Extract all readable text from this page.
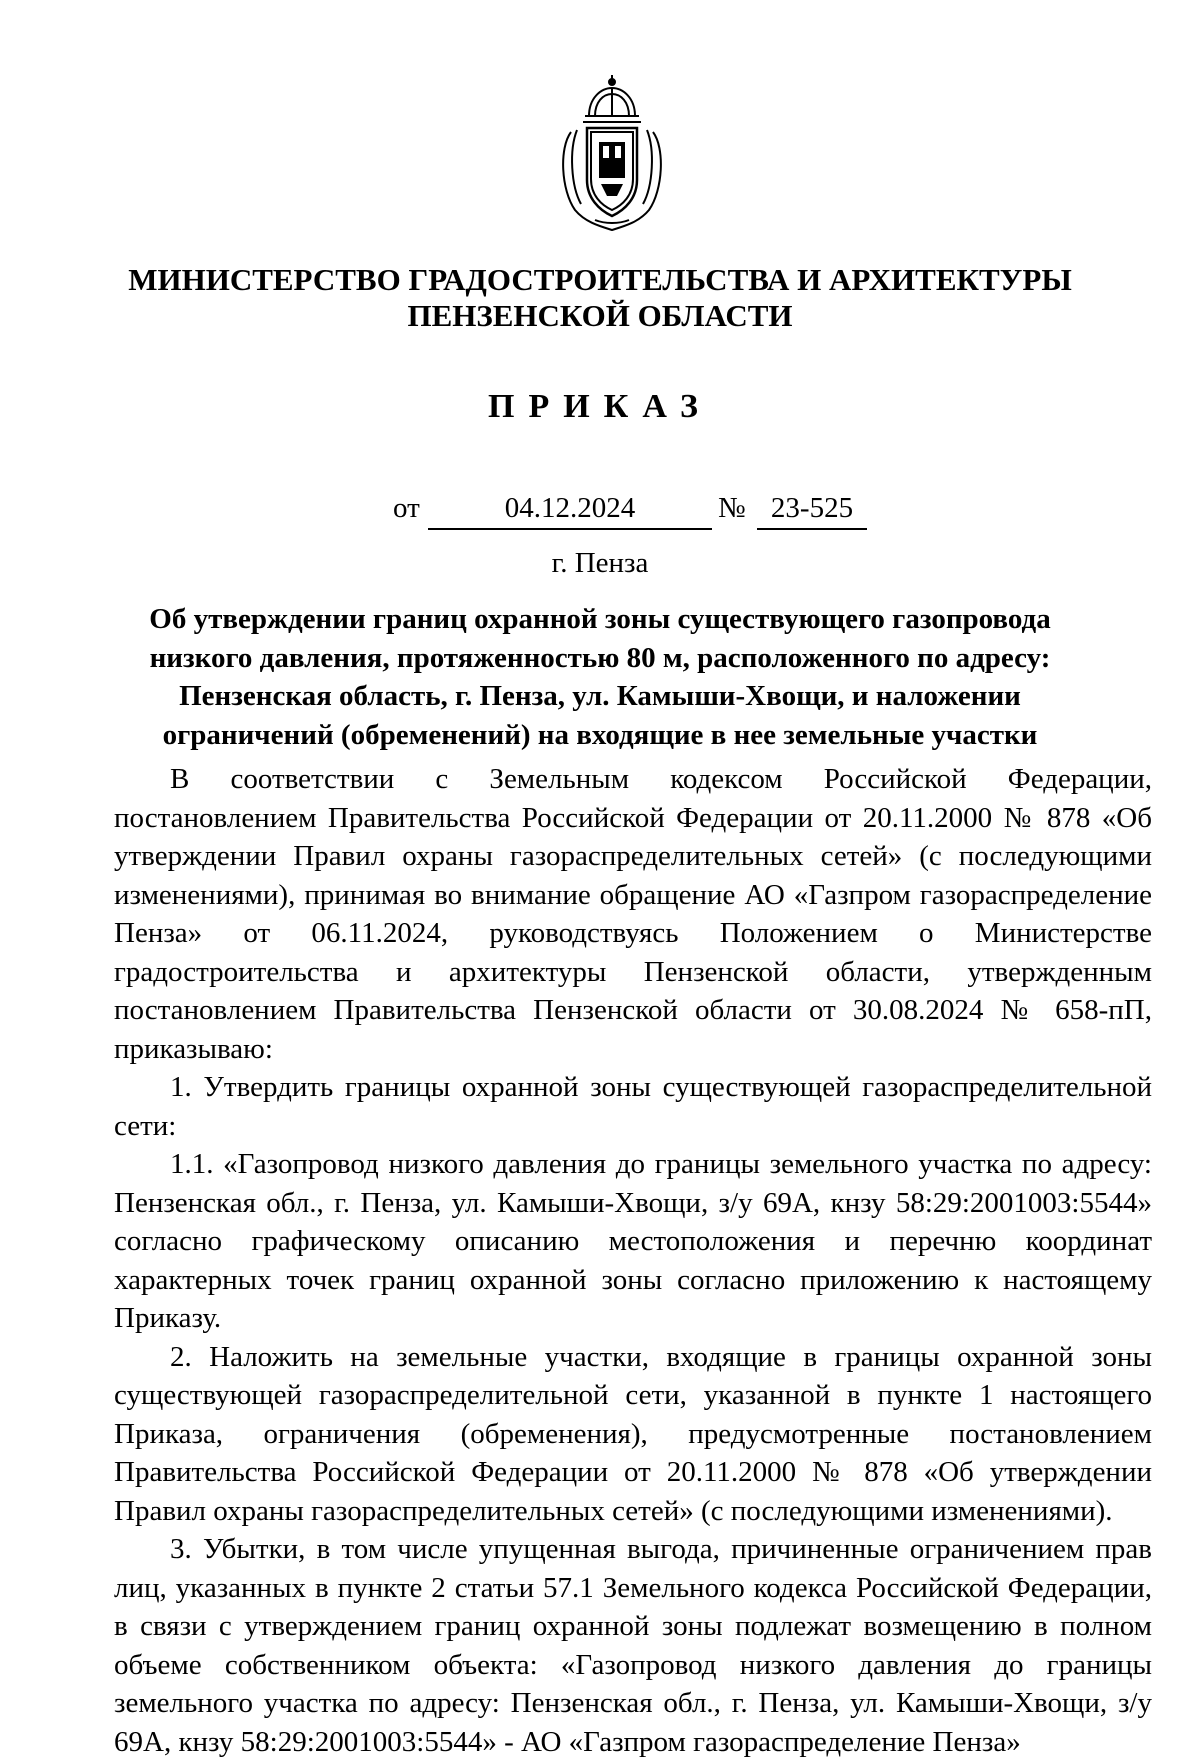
МИНИСТЕРСТВО ГРАДОСТРОИТЕЛЬСТВА И АРХИТЕКТУРЫ
ПЕНЗЕНСКОЙ ОБЛАСТИ
ПРИКАЗ
от	04.12.2024	№ 23-525
г. Пенза
Об утверждении границ охранной зоны существующего газопровода низкого давления, протяженностью 80 м, расположенного по адресу: Пензенская область, г. Пенза, ул. Камыши-Хвощи, и наложении ограничений (обременений) на входящие в нее земельные участки

В соответствии с Земельным кодексом Российской Федерации, постановлением Правительства Российской Федерации от 20.11.2000 № 878 «Об утверждении Правил охраны газораспределительных сетей» (с последующими изменениями), принимая во внимание обращение АО «Газпром газораспределение Пенза» от 06.11.2024, руководствуясь Положением о Министерстве градостроительства и архитектуры Пензенской области, утвержденным постановлением Правительства Пензенской области от 30.08.2024 № 658-пП, приказываю:

1. Утвердить границы охранной зоны существующей газораспределительной сети:

1.1. «Газопровод низкого давления до границы земельного участка по адресу: Пензенская обл., г. Пенза, ул. Камыши-Хвощи, з/у 69А, кнзу 58:29:2001003:5544» согласно графическому описанию местоположения и перечню координат характерных точек границ охранной зоны согласно приложению к настоящему Приказу.

2. Наложить на земельные участки, входящие в границы охранной зоны существующей газораспределительной сети, указанной в пункте 1 настоящего Приказа, ограничения (обременения), предусмотренные постановлением Правительства Российской Федерации от 20.11.2000 № 878 «Об утверждении Правил охраны газораспределительных сетей» (с последующими изменениями).

3. Убытки, в том числе упущенная выгода, причиненные ограничением прав лиц, указанных в пункте 2 статьи 57.1 Земельного кодекса Российской Федерации, в связи с утверждением границ охранной зоны подлежат возмещению в полном объеме собственником объекта: «Газопровод низкого давления до границы земельного участка по адресу: Пензенская обл., г. Пенза, ул. Камыши-Хвощи, з/у 69А, кнзу 58:29:2001003:5544» - АО «Газпром газораспределение Пенза»
